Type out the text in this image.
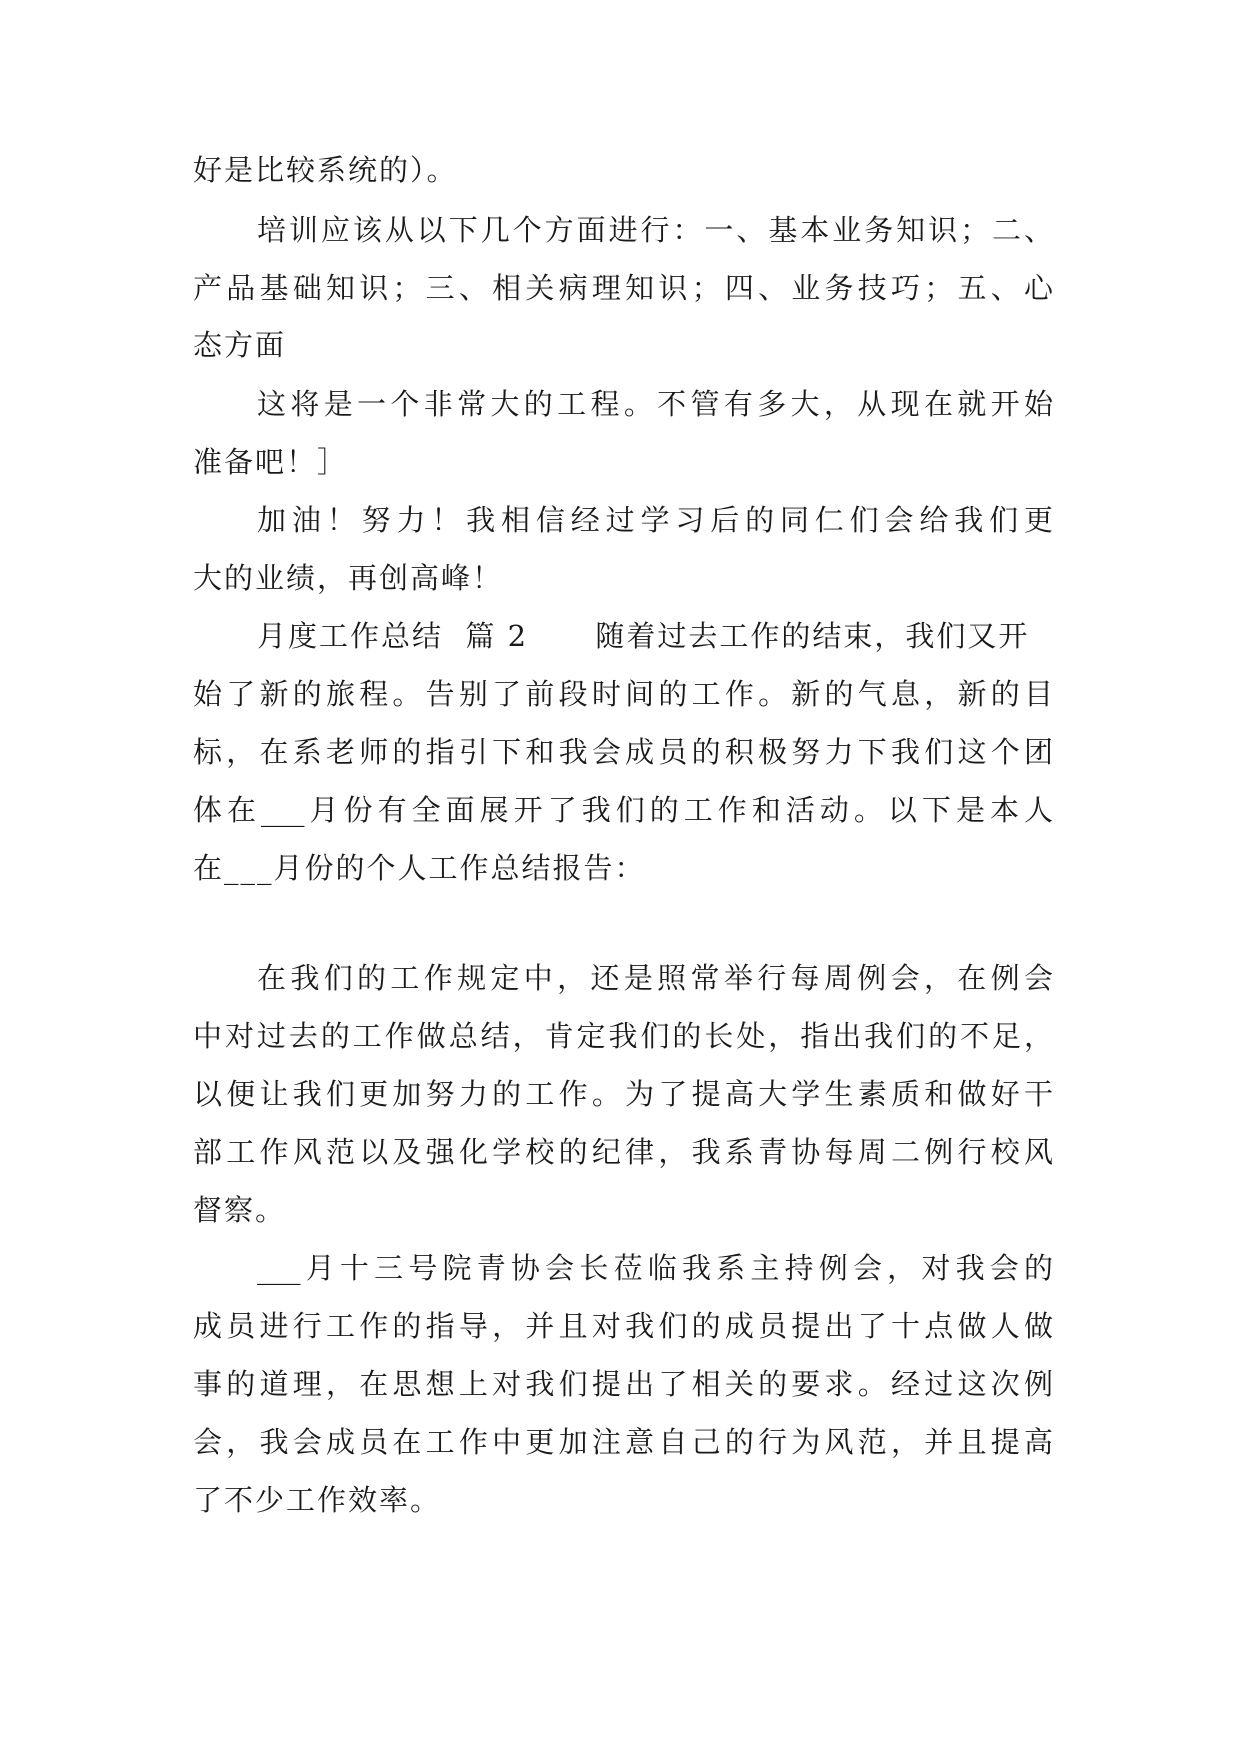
好是比较系统的）。
培训应该从以下几个方面进行：一、基本业务知识；二、
产品基础知识；三、相关病理知识；四、业务技巧；五、心
态方面
这将是一个非常大的工程。不管有多大，从现在就开始
准备吧！］
加油！努力！我相信经过学习后的同仁们会给我们更
大的业绩，再创高峰！
月度工作总结  篇 2      随着过去工作的结束，我们又开
始了新的旅程。告别了前段时间的工作。新的气息，新的目
标，在系老师的指引下和我会成员的积极努力下我们这个团
体在___月份有全面展开了我们的工作和活动。以下是本人
在___月份的个人工作总结报告：
在我们的工作规定中，还是照常举行每周例会，在例会
中对过去的工作做总结，肯定我们的长处，指出我们的不足，
以便让我们更加努力的工作。为了提高大学生素质和做好干
部工作风范以及强化学校的纪律，我系青协每周二例行校风
督察。
___月十三号院青协会长莅临我系主持例会，对我会的
成员进行工作的指导，并且对我们的成员提出了十点做人做
事的道理，在思想上对我们提出了相关的要求。经过这次例
会，我会成员在工作中更加注意自己的行为风范，并且提高
了不少工作效率。
